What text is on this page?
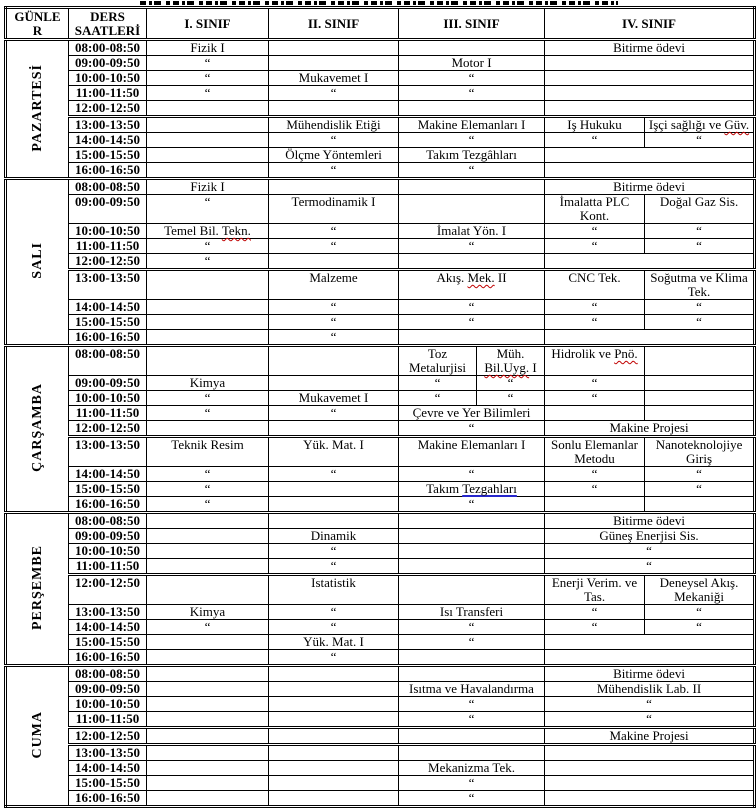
GÜNLER	DERS SAATLERİ	I. SINIF	II. SINIF	III. SINIF		IV. SINIF	
PAZARTESİ	08:00-08:50	Fizik I				Bitirme ödevi	
	09:00-09:50	“		Motor I			
	10:00-10:50	“	Mukavemet I	“			
	11:00-11:50	“	“	“			
	12:00-12:50						
	13:00-13:50		Mühendislik Etiği	Makine Elemanları I		Iş Hukuku	Işçi sağlığı ve Güv.
	14:00-14:50		“	“		“	“
	15:00-15:50		Ölçme Yöntemleri	Takım Tezgâhları			
	16:00-16:50		“	“			
SALI	08:00-08:50	Fizik I				Bitirme ödevi	
	09:00-09:50	“	Termodinamik I			İmalatta PLC Kont.	Doğal Gaz Sis.
	10:00-10:50	Temel Bil. Tekn.	“	İmalat Yön. I		“	“
	11:00-11:50	“	“	“		“	“
	12:00-12:50	“					
	13:00-13:50		Malzeme	Akış. Mek. II		CNC Tek.	Soğutma ve Klima Tek.
	14:00-14:50		“	“		“	“
	15:00-15:50		“	“		“	“
	16:00-16:50		“				
ÇARŞAMBA	08:00-08:50			Toz Metalurjisi	Müh. Bil.Uyg. I	Hidrolik ve Pnö.	
	09:00-09:50	Kimya		“	“	“	
	10:00-10:50	“	Mukavemet I	“	“	“	
	11:00-11:50	“	“	Çevre ve Yer Bilimleri			
	12:00-12:50			“		Makine Projesi	
	13:00-13:50	Teknik Resim	Yük. Mat. I	Makine Elemanları I		Sonlu Elemanlar Metodu	Nanoteknolojiye Giriş
	14:00-14:50	“	“	“		“	“
	15:00-15:50	“		Takım Tezgahları		“	“
	16:00-16:50	“		“			
PERŞEMBE	08:00-08:50					Bitirme ödevi	
	09:00-09:50		Dinamik			Güneş Enerjisi Sis.	
	10:00-10:50		“			“	
	11:00-11:50		“			“	
	12:00-12:50		Istatistik			Enerji Verim. ve Tas.	Deneysel Akış. Mekaniği
	13:00-13:50	Kimya	“	Isı Transferi		“	“
	14:00-14:50	“	“	“		“	“
	15:00-15:50		Yük. Mat. I	“			
	16:00-16:50		“				
CUMA	08:00-08:50					Bitirme ödevi	
	09:00-09:50			Isıtma ve Havalandırma		Mühendislik Lab. II	
	10:00-10:50			“		“	
	11:00-11:50			“		“	
	12:00-12:50					Makine Projesi	
	13:00-13:50						
	14:00-14:50			Mekanizma Tek.			
	15:00-15:50			“			
	16:00-16:50			“			
